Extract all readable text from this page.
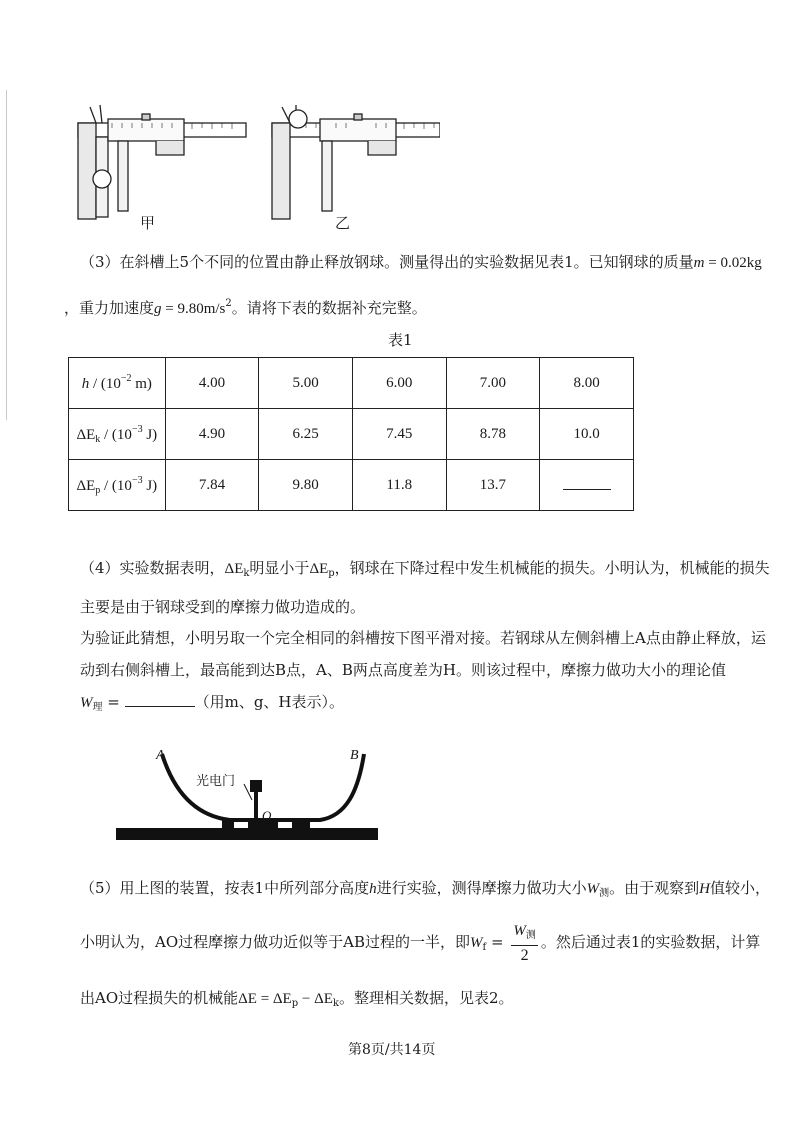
甲	乙
（3）在斜槽上5个不同的位置由静止释放钢球。测量得出的实验数据见表1。已知钢球的质量m = 0.02kg
，重力加速度$g = 9.80m/s^2$。请将下表的数据补充完整。
表1
h / ($10^{-2}$ m)	4.00	5.00	6.00	7.00	8.00
$\Delta E_k / (10^{-3}$ J)	4.90	6.25	7.45	8.78	10.0
$\Delta E_p / (10^{-3}$ J)	7.84	9.80	11.8	13.7	
（4）实验数据表明，$\Delta E_k$明显小于$\Delta E_p$，钢球在下降过程中发生机械能的损失。小明认为，机械能的损失
主要是由于钢球受到的摩擦力做功造成的。
为验证此猜想，小明另取一个完全相同的斜槽按下图平滑对接。若钢球从左侧斜槽上A点由静止释放，运
动到右侧斜槽上，最高能到达B点，A、B两点高度差为H。则该过程中，摩擦力做功大小的理论值
$W_理$ =	（用m、g、H表示）。
A	B
光电门
O
（5）用上图的装置，按表1中所列部分高度h进行实验，测得摩擦力做功大小$W_测$。由于观察到H值较小，
小明认为，AO过程摩擦力做功近似等于AB过程的一半，即$W_f = \frac{W_测}{2}$ 。然后通过表1的实验数据，计算
出AO过程损失的机械能$\Delta E = \Delta E_p - \Delta E_k$。整理相关数据，见表2。
第8页/共14页
